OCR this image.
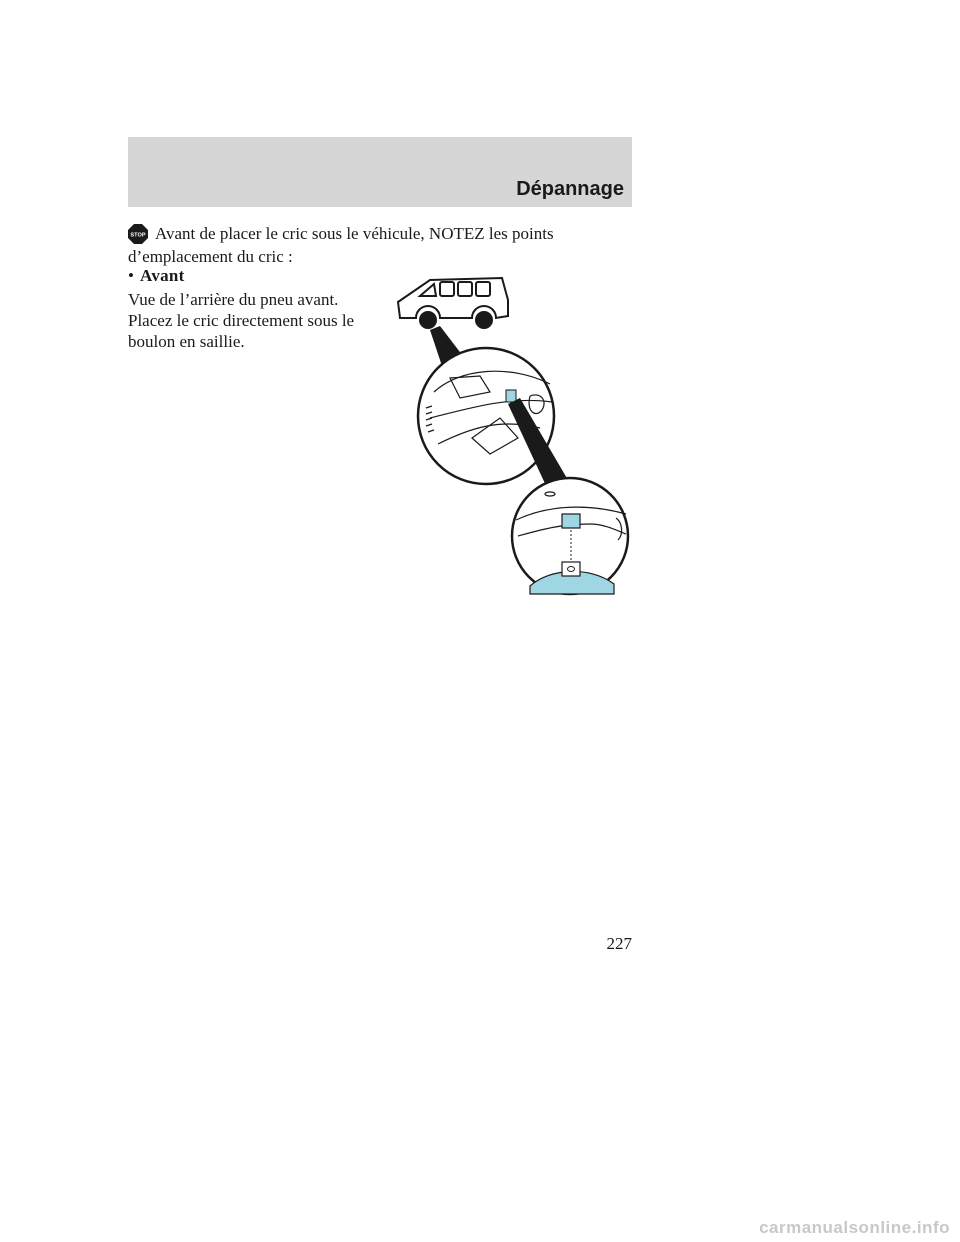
Dépannage
STOP Avant de placer le cric sous le véhicule, NOTEZ les points d’emplacement du cric :

• Avant

Vue de l’arrière du pneu avant. Placez le cric directement sous le boulon en saillie.

227

carmanualsonline.info
